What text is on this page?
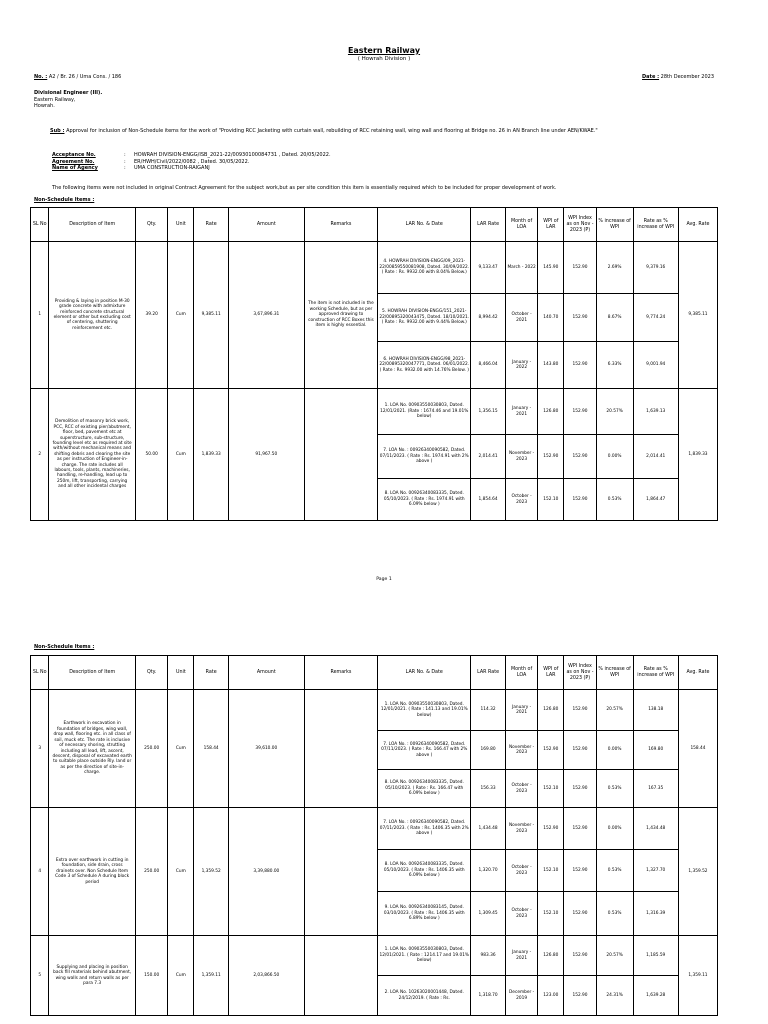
Eastern Railway
( Howrah Division )
No. : A2 / Br. 26 / Uma Cons. / 186	Date : 28th December 2023
Divisional Engineer (III).
Eastern Railway,
Howrah.
Sub : Approval for inclusion of Non-Schedule items for the work of "Providing RCC Jacketing with curtain wall, rebuilding of RCC retaining wall, wing wall and flooring at Bridge no. 26 in AN Branch line under AEN/KWAE."
Acceptance No.	:	HOWRAH DIVISION-ENGG/ISB_2021-22/00930100084731 , Dated. 20/05/2022.
Agreement No.	:	ER/HWH/Civil/2022/0082 , Dated. 30/05/2022.
Name of Agency	:	UMA CONSTRUCTION-RAIGANJ
The following items were not included in original Contract Agreement for the subject work,but as per site condition this item is essentially required which to be included for proper development of work.
Non-Schedule Items :
SL No	Description of Item	Qty.	Unit	Rate	Amount	Remarks	LAR No. & Date	LAR Rate	Month of LOA	WPI of LAR	WPI Index as on Nov - 2023 (P)	% increase of WPI	Rate as % increase of WPI	Avg. Rate
1	Providing & laying in position M-30 grade concrete with admixture reinforced concrete structural element or other but excluding cost of centering, shuttering reinforcement etc.	39.20	Cum	9,385.11	3,67,896.31	The item is not included in the working Schedule, but as per approved drawing to construction of RCC Boxes this item is highly essential.	4. HOWRAH DIVISION-ENGG/09_2021-22/00859550081908, Dated. 30/09/2022. ( Rate : Rs. 9932.00 with 8.04% Below.)	9,133.47	March - 2022	145.90	152.90	2.69%	9,379.16	9,385.11
							5. HOWRAH DIVISION-ENGG/151_2021-22/00895320043475, Dated. 18/10/2021. ( Rate : Rs. 9932.00 with 9.44% Below.)	8,994.42	October - 2021	140.70	152.90	8.67%	9,774.24	
							6. HOWRAH DIVISION-ENGG/98_2021-22/00895320047771, Dated. 06/01/2022. ( Rate : Rs. 9932.00 with 14.76% Below. )	8,466.04	January - 2022	143.80	152.90	6.33%	9,001.94	
2	Demolition of masonry brick work, PCC, RCC of existing pier/abutment, floor, bed, pavement etc at superstructure, sub-structure, founding level etc as required at site with/without mechanical means and shifting debris and clearing the site as per instruction of Engineer-in-charge. The rate includes all labours, tools, plants, machineries, handling, re-handling, lead up to 250m, lift, transporting, carrying and all other incidental charges	50.00	Cum	1,839.33	91,967.50		1. LOA No. 00903550030803, Dated. 12/01/2021. (Rate : 1674.46 and 19.01% below)	1,356.15	January - 2021	126.80	152.90	20.57%	1,639.13	1,839.33
							7. LOA No. : 00926340090582, Dated. 07/11/2023. ( Rate : Rs. 1974.91 with 2% above )	2,014.41	November - 2023	152.90	152.90	0.00%	2,014.41	
							8. LOA No. 00926340083335, Dated. 05/10/2023. ( Rate : Rs. 1974.91 with 6.09% below )	1,854.64	October - 2023	152.10	152.90	0.53%	1,864.47	
Page 1
Non-Schedule Items :
SL No	Description of Item	Qty.	Unit	Rate	Amount	Remarks	LAR No. & Date	LAR Rate	Month of LOA	WPI of LAR	WPI Index as on Nov - 2023 (P)	% increase of WPI	Rate as % increase of WPI	Avg. Rate
3	Earthwork in excavation in foundation of bridges, wing wall, drop wall, flooring etc. in all class of soil, muck etc. The rate is inclusive of necessary shoring, strutting including all lead, lift, ascent, descent, disposal of excavated earth to suitable place outside Rly. land or as per the direction of site-in-charge.	250.00	Cum	158.44	39,610.00		1. LOA No. 00903550030803, Dated. 12/01/2021. ( Rate : 141.13 and 19.01% below)	114.32	January - 2021	126.80	152.90	20.57%	138.18	158.44
							7. LOA No. : 00926340090582, Dated. 07/11/2023. ( Rate : Rs. 166.47 with 2% above )	169.80	November - 2023	152.90	152.90	0.00%	169.80	
							8. LOA No. 00926340083335, Dated. 05/10/2023. ( Rate : Rs. 166.47 with 6.09% below )	156.33	October - 2023	152.10	152.90	0.53%	167.35	
4	Extra over earthwork in cutting in foundation, side drain, cross drainets over. Non Schedule Item Code 3 of Schedule A during block period	250.00	Cum	1,359.52	3,39,880.00		7. LOA No. : 00926340090582, Dated. 07/11/2023. ( Rate : Rs. 1406.35 with 2% above )	1,434.48	November - 2023	152.90	152.90	0.00%	1,434.48	1,359.52
							8. LOA No. 00926340083335, Dated. 05/10/2023. ( Rate : Rs. 1406.35 with 6.09% below )	1,320.70	October - 2023	152.10	152.90	0.53%	1,327.70	
							9. LOA No. 00926340083145, Dated. 03/10/2023. ( Rate : Rs. 1406.35 with 6.89% below )	1,309.45	October - 2023	152.10	152.90	0.53%	1,316.39	
5	Supplying and placing in position back fill materials behind abutment, wing walls and return walls as per para 7.3	150.00	Cum	1,359.11	2,03,866.50		1. LOA No. 00903550030803, Dated. 12/01/2021. ( Rate : 1214.17 and 19.01% below)	983.36	January - 2021	126.80	152.90	20.57%	1,185.59	1,359.11
							2. LOA No. 10263020001448, Dated. 24/12/2019. ( Rate : Rs.	1,318.70	December - 2019	123.00	152.90	24.31%	1,639.28	
